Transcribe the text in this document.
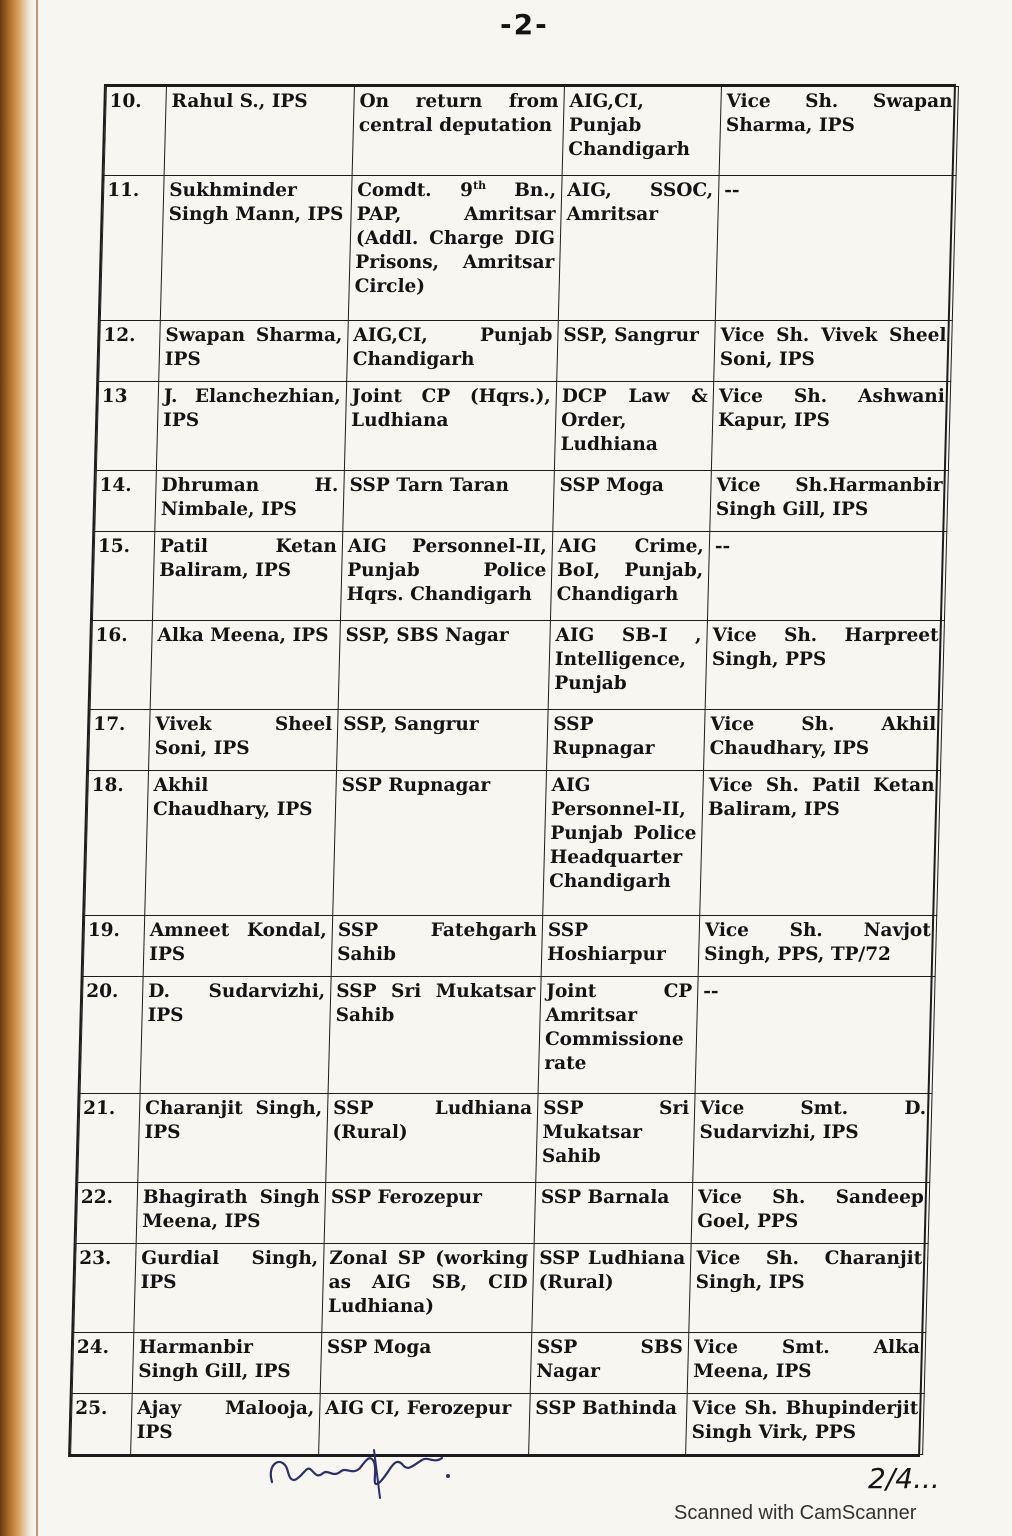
-2-
10.	Rahul S., IPS	On return from central deputation	AIG,CI, Punjab Chandigarh	Vice Sh. Swapan Sharma, IPS
11.	Sukhminder Singh Mann, IPS	Comdt. 9th Bn., PAP, Amritsar (Addl. Charge DIG Prisons, Amritsar Circle)	AIG, SSOC, Amritsar	--
12.	Swapan Sharma, IPS	AIG,CI, Punjab Chandigarh	SSP, Sangrur	Vice Sh. Vivek Sheel Soni, IPS
13	J. Elanchezhian, IPS	Joint CP (Hqrs.), Ludhiana	DCP Law & Order, Ludhiana	Vice Sh. Ashwani Kapur, IPS
14.	Dhruman H. Nimbale, IPS	SSP Tarn Taran	SSP Moga	Vice Sh.Harmanbir Singh Gill, IPS
15.	Patil Ketan Baliram, IPS	AIG Personnel-II, Punjab Police Hqrs. Chandigarh	AIG Crime, BoI, Punjab, Chandigarh	--
16.	Alka Meena, IPS	SSP, SBS Nagar	AIG SB-I , Intelligence, Punjab	Vice Sh. Harpreet Singh, PPS
17.	Vivek Sheel Soni, IPS	SSP, Sangrur	SSP Rupnagar	Vice Sh. Akhil Chaudhary, IPS
18.	Akhil Chaudhary, IPS	SSP Rupnagar	AIG Personnel-II, Punjab Police Headquarter Chandigarh	Vice Sh. Patil Ketan Baliram, IPS
19.	Amneet Kondal, IPS	SSP Fatehgarh Sahib	SSP Hoshiarpur	Vice Sh. Navjot Singh, PPS, TP/72
20.	D. Sudarvizhi, IPS	SSP Sri Mukatsar Sahib	Joint CP Amritsar Commissione rate	--
21.	Charanjit Singh, IPS	SSP Ludhiana (Rural)	SSP Sri Mukatsar Sahib	Vice Smt. D. Sudarvizhi, IPS
22.	Bhagirath Singh Meena, IPS	SSP Ferozepur	SSP Barnala	Vice Sh. Sandeep Goel, PPS
23.	Gurdial Singh, IPS	Zonal SP (working as AIG SB, CID Ludhiana)	SSP Ludhiana (Rural)	Vice Sh. Charanjit Singh, IPS
24.	Harmanbir Singh Gill, IPS	SSP Moga	SSP SBS Nagar	Vice Smt. Alka Meena, IPS
25.	Ajay Malooja, IPS	AIG CI, Ferozepur	SSP Bathinda	Vice Sh. Bhupinderjit Singh Virk, PPS
2/4...
Scanned with CamScanner
